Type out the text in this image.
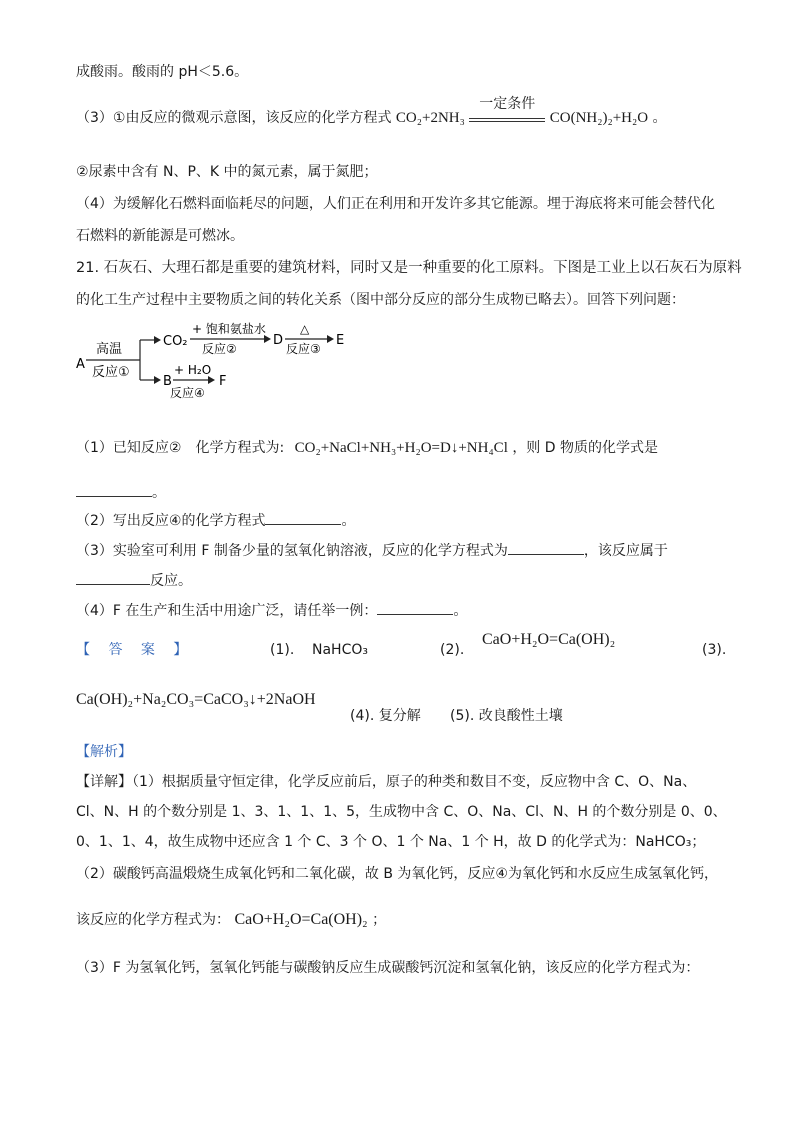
成酸雨。酸雨的 pH＜5.6。
（3）①由反应的微观示意图，该反应的化学方程式 CO₂+2NH₃
一定条件
CO(NH₂)₂+H₂O 。
②尿素中含有 N、P、K 中的氮元素，属于氮肥；
（4）为缓解化石燃料面临耗尽的问题，人们正在利用和开发许多其它能源。埋于海底将来可能会替代化
石燃料的新能源是可燃冰。
21. 石灰石、大理石都是重要的建筑材料，同时又是一种重要的化工原料。下图是工业上以石灰石为原料
的化工生产过程中主要物质之间的转化关系（图中部分反应的部分生成物已略去）。回答下列问题：
A
高温
反应①
CO₂
+ 饱和氨盐水
反应②
D
△
反应③
E
B
+ H₂O
反应④
F
（1）已知反应②　化学方程式为: CO₂+NaCl+NH₃+H₂O=D↓+NH₄Cl ，则 D 物质的化学式是
。
（2）写出反应④的化学方程式	。
（3）实验室可利用 F 制备少量的氢氧化钠溶液，反应的化学方程式为	，该反应属于
反应。
（4）F 在生产和生活中用途广泛，请任举一例：	。
【 答 案 】	(1). NaHCO₃	(2).
CaO+H₂O=Ca(OH)₂
(3).
Ca(OH)₂+Na₂CO₃=CaCO₃↓+2NaOH
(4). 复分解 (5). 改良酸性土壤
【解析】
【详解】（1）根据质量守恒定律，化学反应前后，原子的种类和数目不变，反应物中含 C、O、Na、
Cl、N、H 的个数分别是 1、3、1、1、1、5，生成物中含 C、O、Na、Cl、N、H 的个数分别是 0、0、
0、1、1、4，故生成物中还应含 1 个 C、3 个 O、1 个 Na、1 个 H，故 D 的化学式为：NaHCO₃；
（2）碳酸钙高温煅烧生成氧化钙和二氧化碳，故 B 为氧化钙，反应④为氧化钙和水反应生成氢氧化钙，
该反应的化学方程式为： CaO+H₂O=Ca(OH)₂ ；
（3）F 为氢氧化钙，氢氧化钙能与碳酸钠反应生成碳酸钙沉淀和氢氧化钠，该反应的化学方程式为：
